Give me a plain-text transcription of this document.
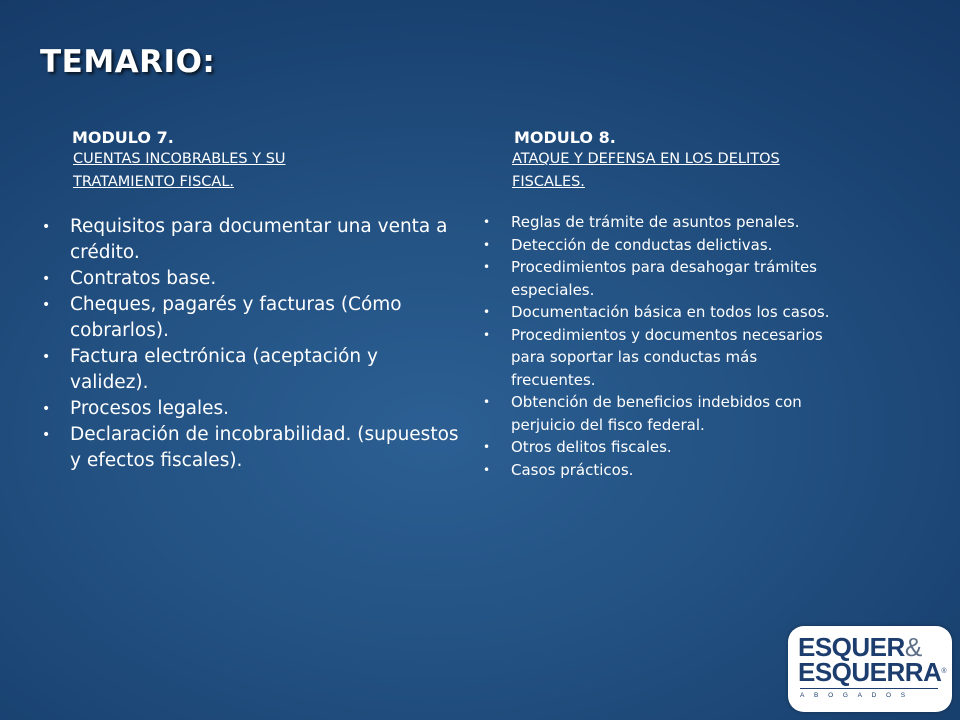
TEMARIO:

MODULO 7.

CUENTAS INCOBRABLES Y SU TRATAMIENTO FISCAL.

• Requisitos para documentar una venta a crédito.
• Contratos base.
• Cheques, pagarés y facturas (Cómo cobrarlos).
• Factura electrónica (aceptación y validez).
• Procesos legales.
• Declaración de incobrabilidad. (supuestos y efectos fiscales).

MODULO 8.

ATAQUE Y DEFENSA EN LOS DELITOS FISCALES.

• Reglas de trámite de asuntos penales.
• Detección de conductas delictivas.
• Procedimientos para desahogar trámites especiales.
• Documentación básica en todos los casos.
• Procedimientos y documentos necesarios para soportar las conductas más frecuentes.
• Obtención de beneficios indebidos con perjuicio del fisco federal.
• Otros delitos fiscales.
• Casos prácticos.
ESQUER&
ESQUERRA®
ABOGADOS
